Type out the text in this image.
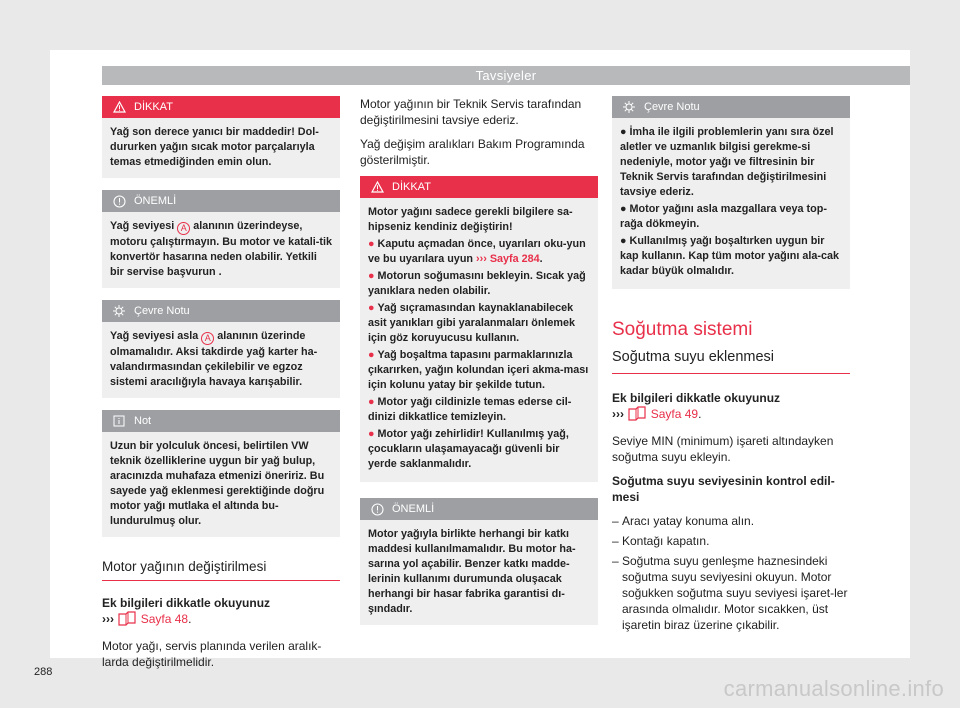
Tavsiyeler
DİKKAT
Yağ son derece yanıcı bir maddedir! Dol-dururken yağın sıcak motor parçalarıyla temas etmediğinden emin olun.
ÖNEMLİ
Yağ seviyesi A alanının üzerindeyse, motoru çalıştırmayın. Bu motor ve katali-tik konvertör hasarına neden olabilir. Yetkili bir servise başvurun .
Çevre Notu
Yağ seviyesi asla A alanının üzerinde olmamalıdır. Aksi takdirde yağ karter ha-valandırmasından çekilebilir ve egzoz sistemi aracılığıyla havaya karışabilir.
Not
Uzun bir yolculuk öncesi, belirtilen VW teknik özelliklerine uygun bir yağ bulup, aracınızda muhafaza etmenizi öneririz. Bu sayede yağ eklenmesi gerektiğinde doğru motor yağı mutlaka el altında bu-lundurulmuş olur.
Motor yağının değiştirilmesi

Ek bilgileri dikkatle okuyunuz
››› Sayfa 48.

Motor yağı, servis planında verilen aralık-larda değiştirilmelidir.

Motor yağının bir Teknik Servis tarafından değiştirilmesini tavsiye ederiz.

Yağ değişim aralıkları Bakım Programında gösterilmiştir.

DİKKAT

Motor yağını sadece gerekli bilgilere sa-hipseniz kendiniz değiştirin!

● Kaputu açmadan önce, uyarıları oku-yun ve bu uyarılara uyun ››› Sayfa 284.
● Motorun soğumasını bekleyin. Sıcak yağ yanıklara neden olabilir.
● Yağ sıçramasından kaynaklanabilecek asit yanıkları gibi yaralanmaları önlemek için göz koruyucusu kullanın.
● Yağ boşaltma tapasını parmaklarınızla çıkarırken, yağın kolundan içeri akma-ması için kolunu yatay bir şekilde tutun.
● Motor yağı cildinizle temas ederse cil-dinizi dikkatlice temizleyin.
● Motor yağı zehirlidir! Kullanılmış yağ, çocukların ulaşamayacağı güvenli bir yerde saklanmalıdır.
ÖNEMLİ
Motor yağıyla birlikte herhangi bir katkı maddesi kullanılmamalıdır. Bu motor ha-sarına yol açabilir. Benzer katkı madde-lerinin kullanımı durumunda oluşacak herhangi bir hasar fabrika garantisi dı-şındadır.
Çevre Notu
● İmha ile ilgili problemlerin yanı sıra özel aletler ve uzmanlık bilgisi gerekme-si nedeniyle, motor yağı ve filtresinin bir Teknik Servis tarafından değiştirilmesini tavsiye ederiz.
● Motor yağını asla mazgallara veya top-rağa dökmeyin.
● Kullanılmış yağı boşaltırken uygun bir kap kullanın. Kap tüm motor yağını ala-cak kadar büyük olmalıdır.
Soğutma sistemi
Soğutma suyu eklenmesi

Ek bilgileri dikkatle okuyunuz
››› Sayfa 49.

Seviye MIN (minimum) işareti altındayken soğutma suyu ekleyin.

Soğutma suyu seviyesinin kontrol edil-mesi

– Aracı yatay konuma alın.
– Kontağı kapatın.
– Soğutma suyu genleşme haznesindeki soğutma suyu seviyesini okuyun. Motor soğukken soğutma suyu seviyesi işaret-ler arasında olmalıdır. Motor sıcakken, üst işaretin biraz üzerine çıkabilir.
288
carmanualsonline.info
